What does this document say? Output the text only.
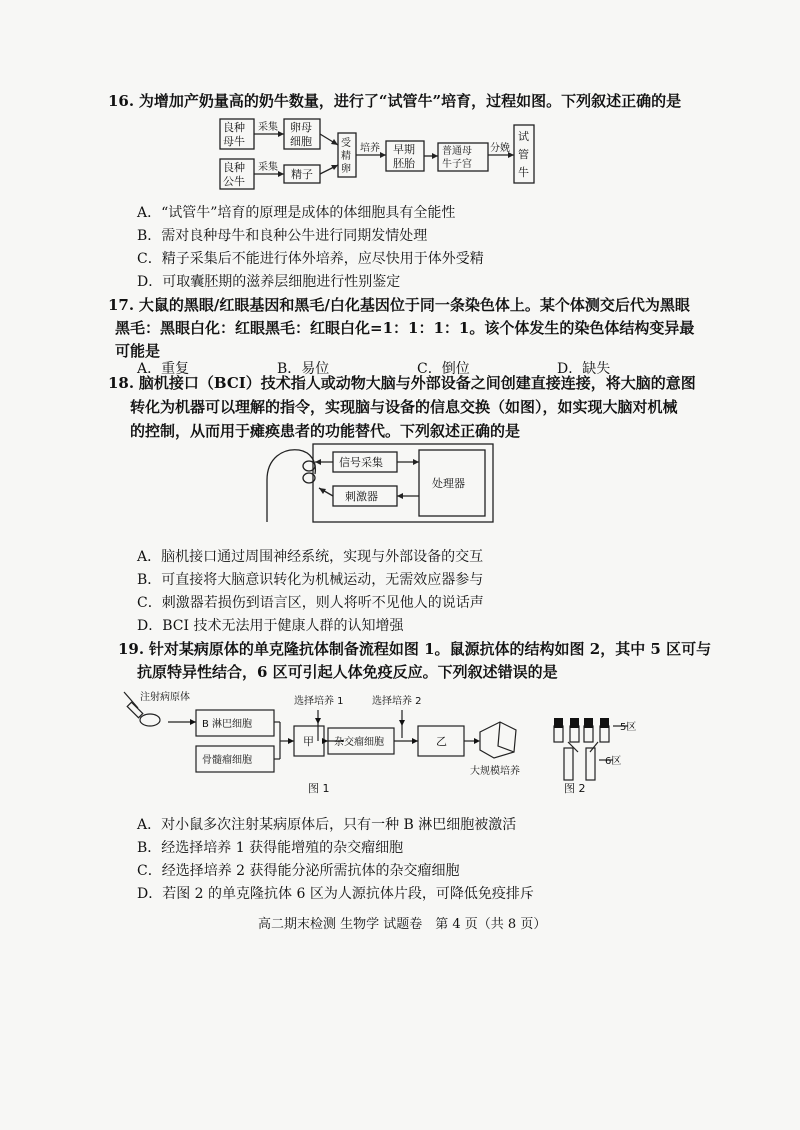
16. 为增加产奶量高的奶牛数量，进行了“试管牛”培育，过程如图。下列叙述正确的是
良种
母牛
良种
公牛
采集
采集
卵母
细胞
精子
受
精
卵
培养 早期
胚胎
普通母
牛子宫
分娩
试
管
牛
A．“试管牛”培育的原理是成体的体细胞具有全能性
B．需对良种母牛和良种公牛进行同期发情处理
C．精子采集后不能进行体外培养，应尽快用于体外受精
D．可取囊胚期的滋养层细胞进行性别鉴定
17. 大鼠的黑眼/红眼基因和黑毛/白化基因位于同一条染色体上。某个体测交后代为黑眼
黑毛：黑眼白化：红眼黑毛：红眼白化=1：1：1：1。该个体发生的染色体结构变异最
可能是
A．重复	B．易位	C．倒位	D．缺失
18. 脑机接口（BCI）技术指人或动物大脑与外部设备之间创建直接连接，将大脑的意图
转化为机器可以理解的指令，实现脑与设备的信息交换（如图），如实现大脑对机械
的控制，从而用于瘫痪患者的功能替代。下列叙述正确的是
信号采集
刺激器
处理器
A．脑机接口通过周围神经系统，实现与外部设备的交互
B．可直接将大脑意识转化为机械运动，无需效应器参与
C．刺激器若损伤到语言区，则人将听不见他人的说话声
D．BCI 技术无法用于健康人群的认知增强
19. 针对某病原体的单克隆抗体制备流程如图 1。鼠源抗体的结构如图 2，其中 5 区可与
抗原特异性结合，6 区可引起人体免疫反应。下列叙述错误的是
注射病原体
B 淋巴细胞
骨髓瘤细胞
甲
选择培养 1
杂交瘤细胞
选择培养 2
乙
大规模培养
图 1	图 2
5区
6区
A．对小鼠多次注射某病原体后，只有一种 B 淋巴细胞被激活
B．经选择培养 1 获得能增殖的杂交瘤细胞
C．经选择培养 2 获得能分泌所需抗体的杂交瘤细胞
D．若图 2 的单克隆抗体 6 区为人源抗体片段，可降低免疫排斥
高二期末检测 生物学 试题卷　第 4 页（共 8 页）
